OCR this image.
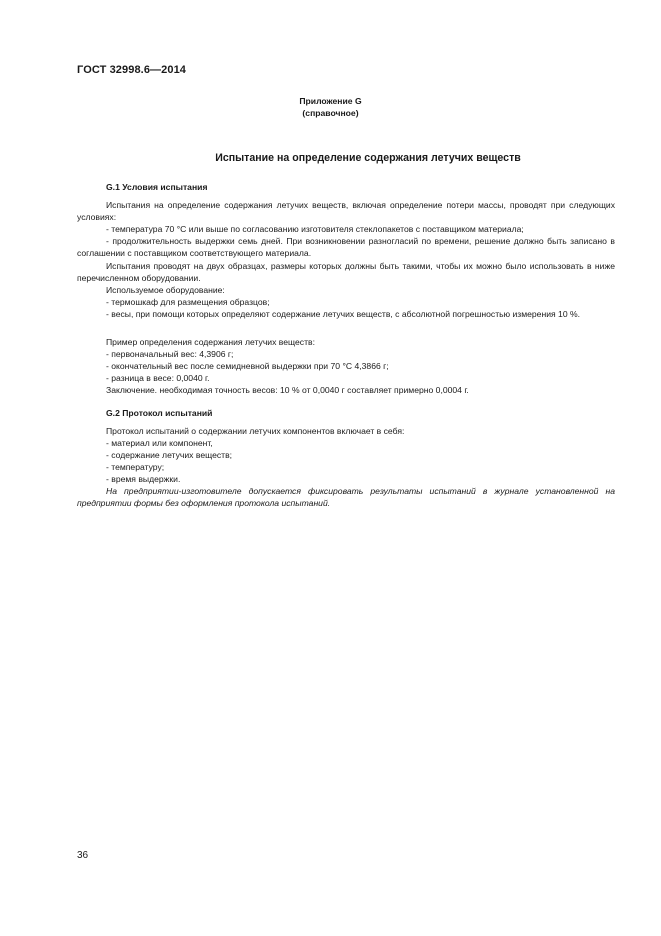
ГОСТ 32998.6—2014
Приложение G
(справочное)
Испытание на определение содержания летучих веществ

G.1 Условия испытания

Испытания на определение содержания летучих веществ, включая определение потери массы, проводят при следующих условиях:

- температура 70 °С или выше по согласованию изготовителя стеклопакетов с поставщиком материала;

- продолжительность выдержки семь дней. При возникновении разногласий по времени, решение должно быть записано в соглашении с поставщиком соответствующего материала.

Испытания проводят на двух образцах, размеры которых должны быть такими, чтобы их можно было использовать в ниже перечисленном оборудовании.

Используемое оборудование:

- термошкаф для размещения образцов;

- весы, при помощи которых определяют содержание летучих веществ, с абсолютной погрешностью измерения 10 %.

Пример определения содержания летучих веществ:

- первоначальный вес: 4,3906 г;

- окончательный вес после семидневной выдержки при 70 °С 4,3866 г;

- разница в весе: 0,0040 г.

Заключение. необходимая точность весов: 10 % от 0,0040 г составляет примерно 0,0004 г.

G.2 Протокол испытаний

Протокол испытаний о содержании летучих компонентов включает в себя:

- материал или компонент,

- содержание летучих веществ;

- температуру;

- время выдержки.

На предприятии-изготовителе допускается фиксировать результаты испытаний в журнале установленной на предприятии формы без оформления протокола испытаний.

36
